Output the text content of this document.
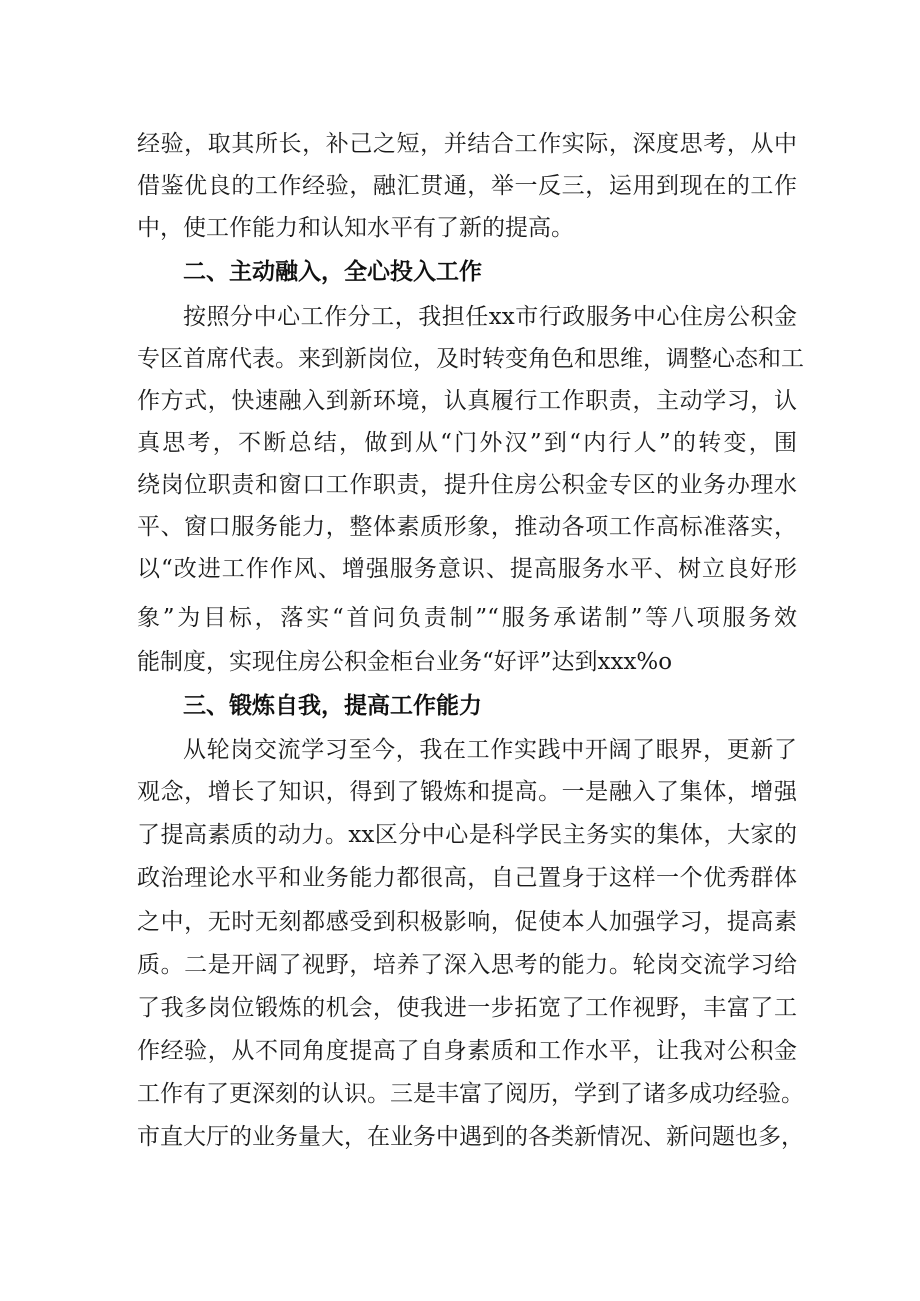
经验，取其所长，补己之短，并结合工作实际，深度思考，从中
借鉴优良的工作经验，融汇贯通，举一反三，运用到现在的工作
中，使工作能力和认知水平有了新的提高。
二、主动融入，全心投入工作
按照分中心工作分工，我担任xx市行政服务中心住房公积金
专区首席代表。来到新岗位，及时转变角色和思维，调整心态和工
作方式，快速融入到新环境，认真履行工作职责，主动学习，认
真思考，不断总结，做到从“门外汉”到“内行人”的转变，围
绕岗位职责和窗口工作职责，提升住房公积金专区的业务办理水
平、窗口服务能力，整体素质形象，推动各项工作高标准落实，
以“改进工作作风、增强服务意识、提高服务水平、树立良好形
象”为目标，落实“首问负责制”“服务承诺制”等八项服务效
能制度，实现住房公积金柜台业务“好评”达到xxx%o
三、锻炼自我，提高工作能力
从轮岗交流学习至今，我在工作实践中开阔了眼界，更新了
观念，增长了知识，得到了锻炼和提高。一是融入了集体，增强
了提高素质的动力。xx区分中心是科学民主务实的集体，大家的
政治理论水平和业务能力都很高，自己置身于这样一个优秀群体
之中，无时无刻都感受到积极影响，促使本人加强学习，提高素
质。二是开阔了视野，培养了深入思考的能力。轮岗交流学习给
了我多岗位锻炼的机会，使我进一步拓宽了工作视野，丰富了工
作经验，从不同角度提高了自身素质和工作水平，让我对公积金
工作有了更深刻的认识。三是丰富了阅历，学到了诸多成功经验。
市直大厅的业务量大，在业务中遇到的各类新情况、新问题也多，
